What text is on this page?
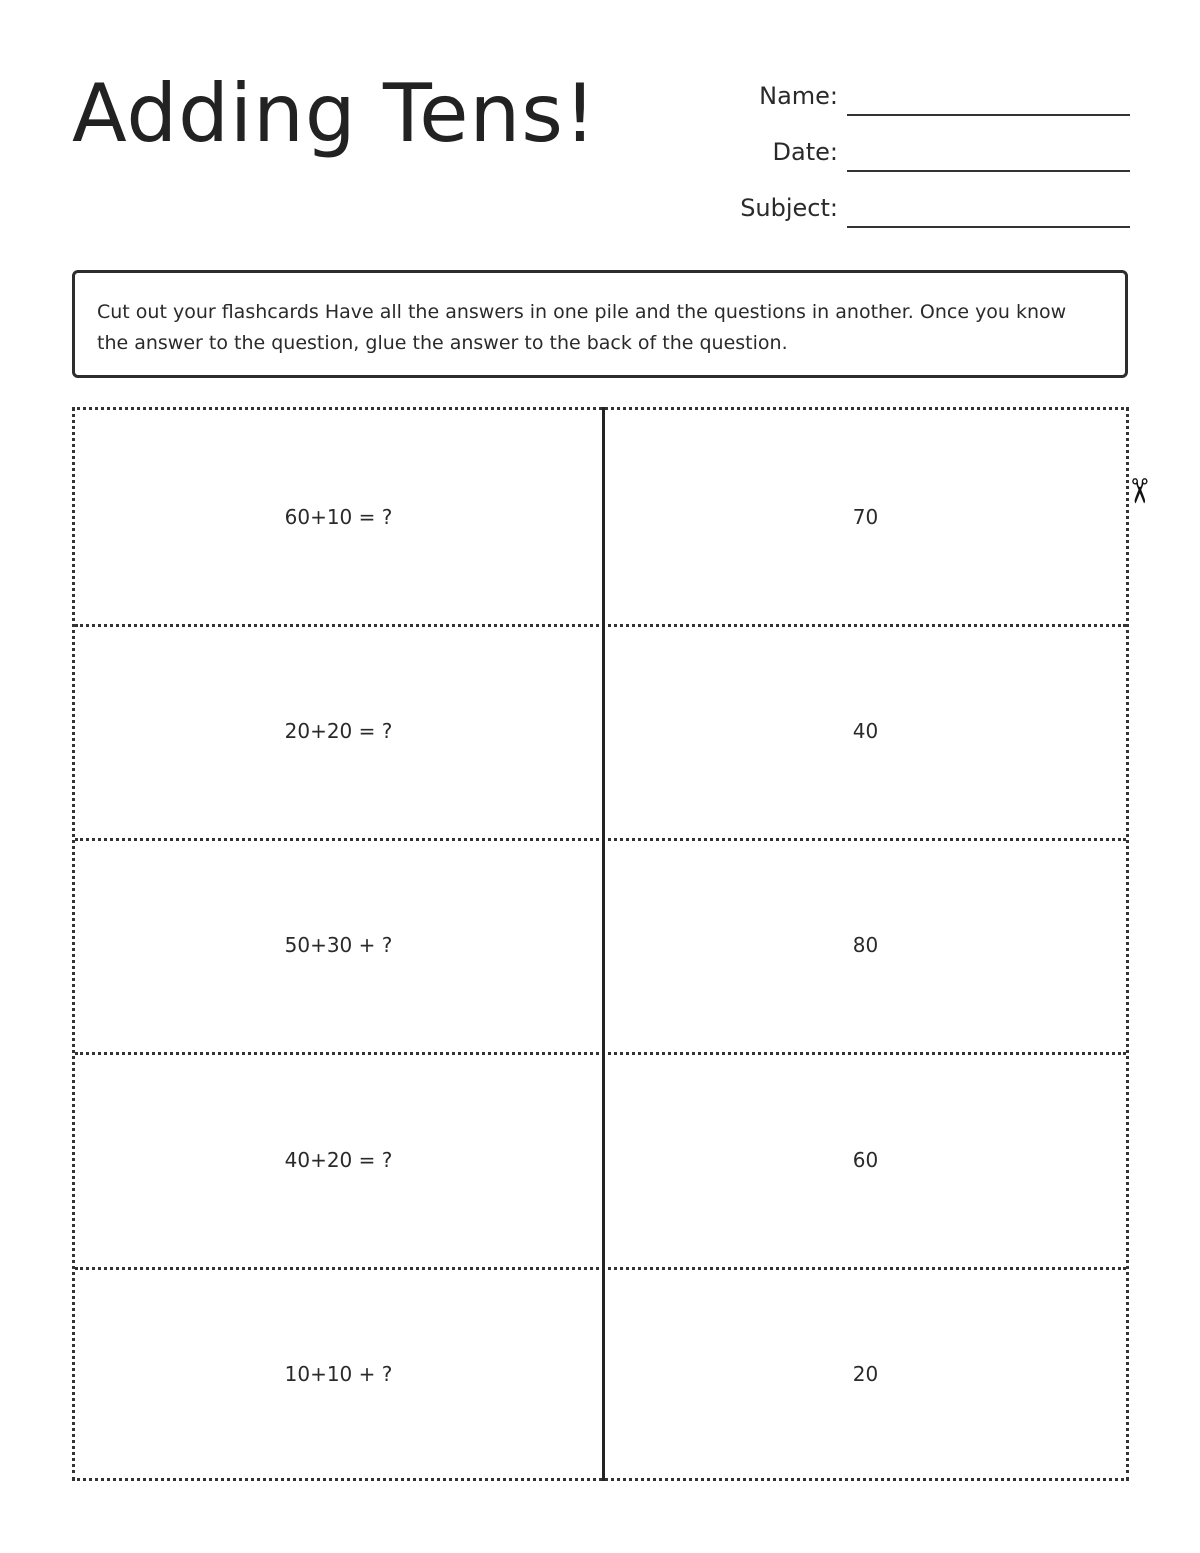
Adding Tens!	Name:
Date:
Subject:
Cut out your flashcards Have all the answers in one pile and the questions in another. Once you know the answer to the question, glue the answer to the back of the question.
60+10 = ?	70
20+20 = ?	40
50+30 + ?	80
40+20 = ?	60
10+10 + ?	20
✂
